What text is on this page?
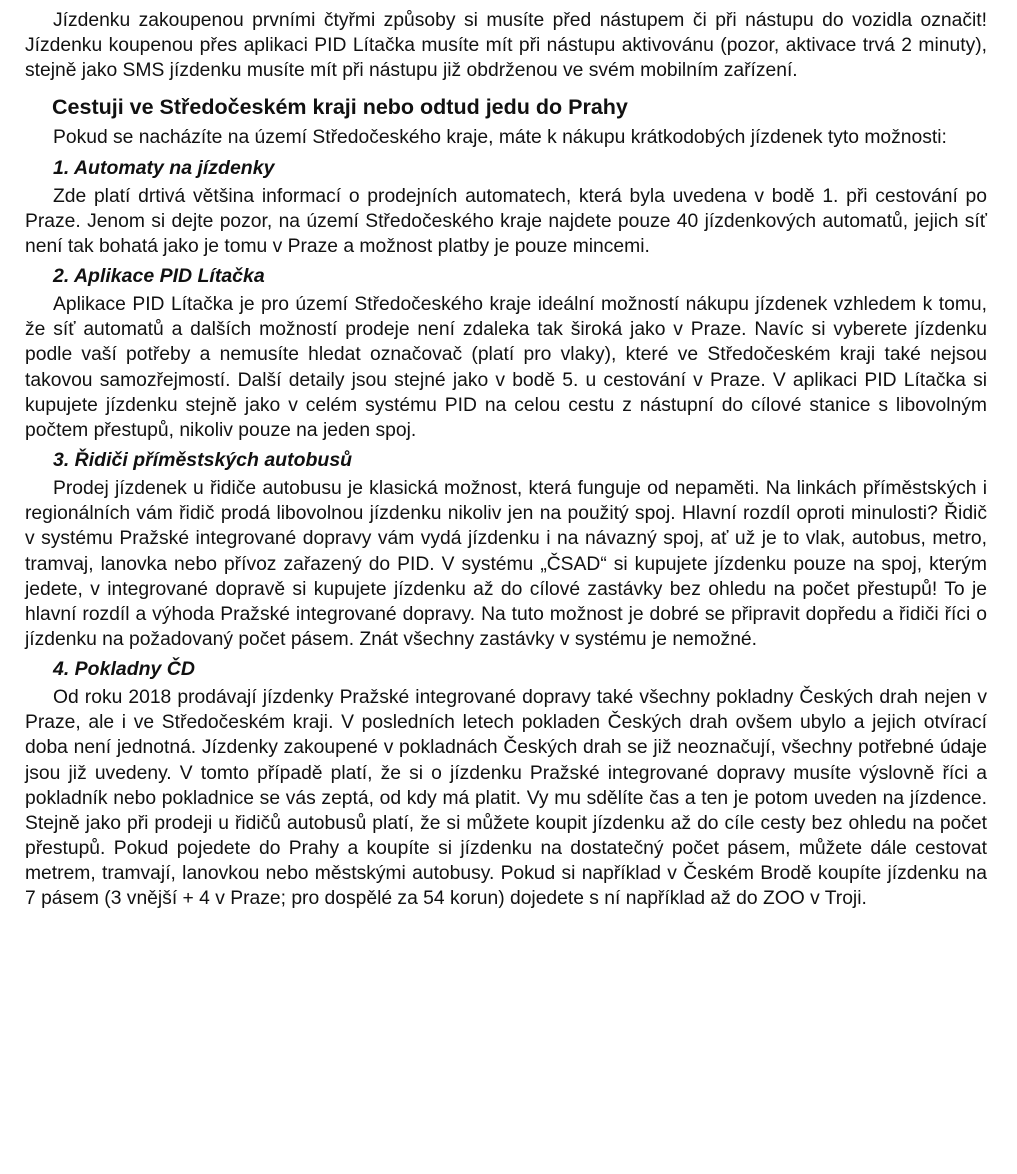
Jízdenku zakoupenou prvními čtyřmi způsoby si musíte před nástupem či při nástupu do vozidla označit! Jízdenku koupenou přes aplikaci PID Lítačka musíte mít při nástupu aktivovánu (pozor, aktivace trvá 2 minuty), stejně jako SMS jízdenku musíte mít při nástupu již obdrženou ve svém mobilním zařízení.

Cestuji ve Středočeském kraji nebo odtud jedu do Prahy

Pokud se nacházíte na území Středočeského kraje, máte k nákupu krátkodobých jízdenek tyto možnosti:

1. Automaty na jízdenky

Zde platí drtivá většina informací o prodejních automatech, která byla uvedena v bodě 1. při cestování po Praze. Jenom si dejte pozor, na území Středočeského kraje najdete pouze 40 jízdenkových automatů, jejich síť není tak bohatá jako je tomu v Praze a možnost platby je pouze mincemi.

2. Aplikace PID Lítačka

Aplikace PID Lítačka je pro území Středočeského kraje ideální možností nákupu jízdenek vzhledem k tomu, že síť automatů a dalších možností prodeje není zdaleka tak široká jako v Praze. Navíc si vyberete jízdenku podle vaší potřeby a nemusíte hledat označovač (platí pro vlaky), které ve Středočeském kraji také nejsou takovou samozřejmostí. Další detaily jsou stejné jako v bodě 5. u cestování v Praze. V aplikaci PID Lítačka si kupujete jízdenku stejně jako v celém systému PID na celou cestu z nástupní do cílové stanice s libovolným počtem přestupů, nikoliv pouze na jeden spoj.

3. Řidiči příměstských autobusů

Prodej jízdenek u řidiče autobusu je klasická možnost, která funguje od nepaměti. Na linkách příměstských i regionálních vám řidič prodá libovolnou jízdenku nikoliv jen na použitý spoj. Hlavní rozdíl oproti minulosti? Řidič v systému Pražské integrované dopravy vám vydá jízdenku i na návazný spoj, ať už je to vlak, autobus, metro, tramvaj, lanovka nebo přívoz zařazený do PID. V systému „ČSAD“ si kupujete jízdenku pouze na spoj, kterým jedete, v integrované dopravě si kupujete jízdenku až do cílové zastávky bez ohledu na počet přestupů! To je hlavní rozdíl a výhoda Pražské integrované dopravy. Na tuto možnost je dobré se připravit dopředu a řidiči říci o jízdenku na požadovaný počet pásem. Znát všechny zastávky v systému je nemožné.

4. Pokladny ČD

Od roku 2018 prodávají jízdenky Pražské integrované dopravy také všechny pokladny Českých drah nejen v Praze, ale i ve Středočeském kraji. V posledních letech pokladen Českých drah ovšem ubylo a jejich otvírací doba není jednotná. Jízdenky zakoupené v pokladnách Českých drah se již neoznačují, všechny potřebné údaje jsou již uvedeny. V tomto případě platí, že si o jízdenku Pražské integrované dopravy musíte výslovně říci a pokladník nebo pokladnice se vás zeptá, od kdy má platit. Vy mu sdělíte čas a ten je potom uveden na jízdence. Stejně jako při prodeji u řidičů autobusů platí, že si můžete koupit jízdenku až do cíle cesty bez ohledu na počet přestupů. Pokud pojedete do Prahy a koupíte si jízdenku na dostatečný počet pásem, můžete dále cestovat metrem, tramvají, lanovkou nebo městskými autobusy. Pokud si například v Českém Brodě koupíte jízdenku na 7 pásem (3 vnější + 4 v Praze; pro dospělé za 54 korun) dojedete s ní například až do ZOO v Troji.
